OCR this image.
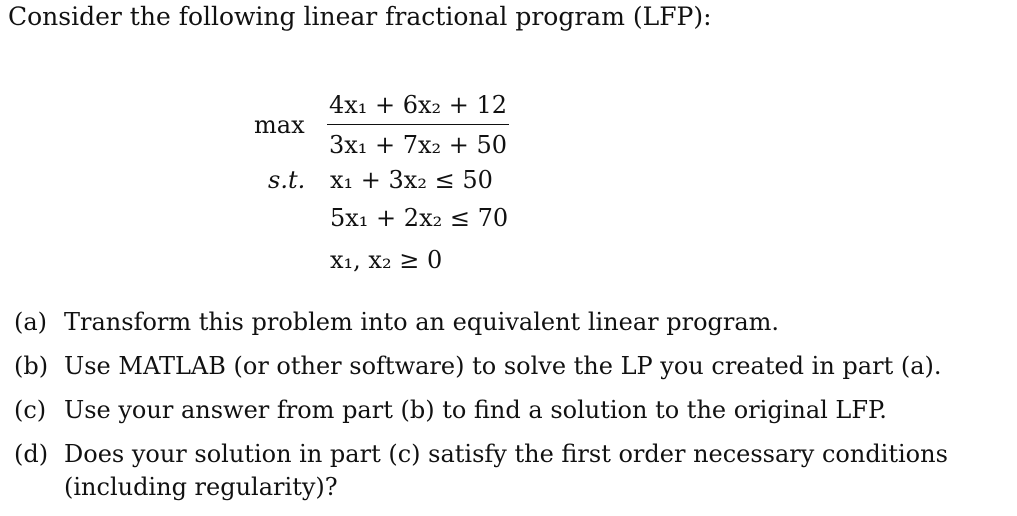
Consider the following linear fractional program (LFP):
max
4x₁ + 6x₂ + 12
3x₁ + 7x₂ + 50
s.t. x₁ + 3x₂ ≤ 50
5x₁ + 2x₂ ≤ 70
x₁, x₂ ≥ 0
(a) Transform this problem into an equivalent linear program.
(b) Use MATLAB (or other software) to solve the LP you created in part (a).
(c) Use your answer from part (b) to find a solution to the original LFP.
(d) Does your solution in part (c) satisfy the first order necessary conditions (including regularity)?
